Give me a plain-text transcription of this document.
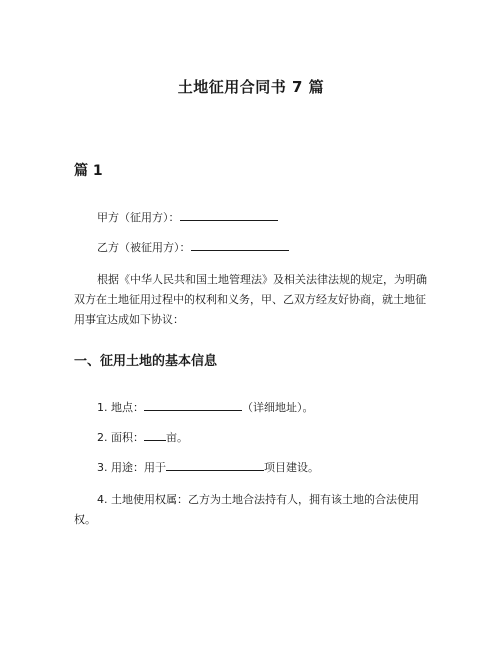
土地征用合同书 7 篇
篇 1
甲方（征用方）：
乙方（被征用方）：
根据《中华人民共和国土地管理法》及相关法律法规的规定，为明确双方在土地征用过程中的权利和义务，甲、乙双方经友好协商，就土地征用事宜达成如下协议：
一、征用土地的基本信息
1. 地点：	（详细地址）。
2. 面积： 亩。
3. 用途：用于	项目建设。
4. 土地使用权属：乙方为土地合法持有人，拥有该土地的合法使用权。
